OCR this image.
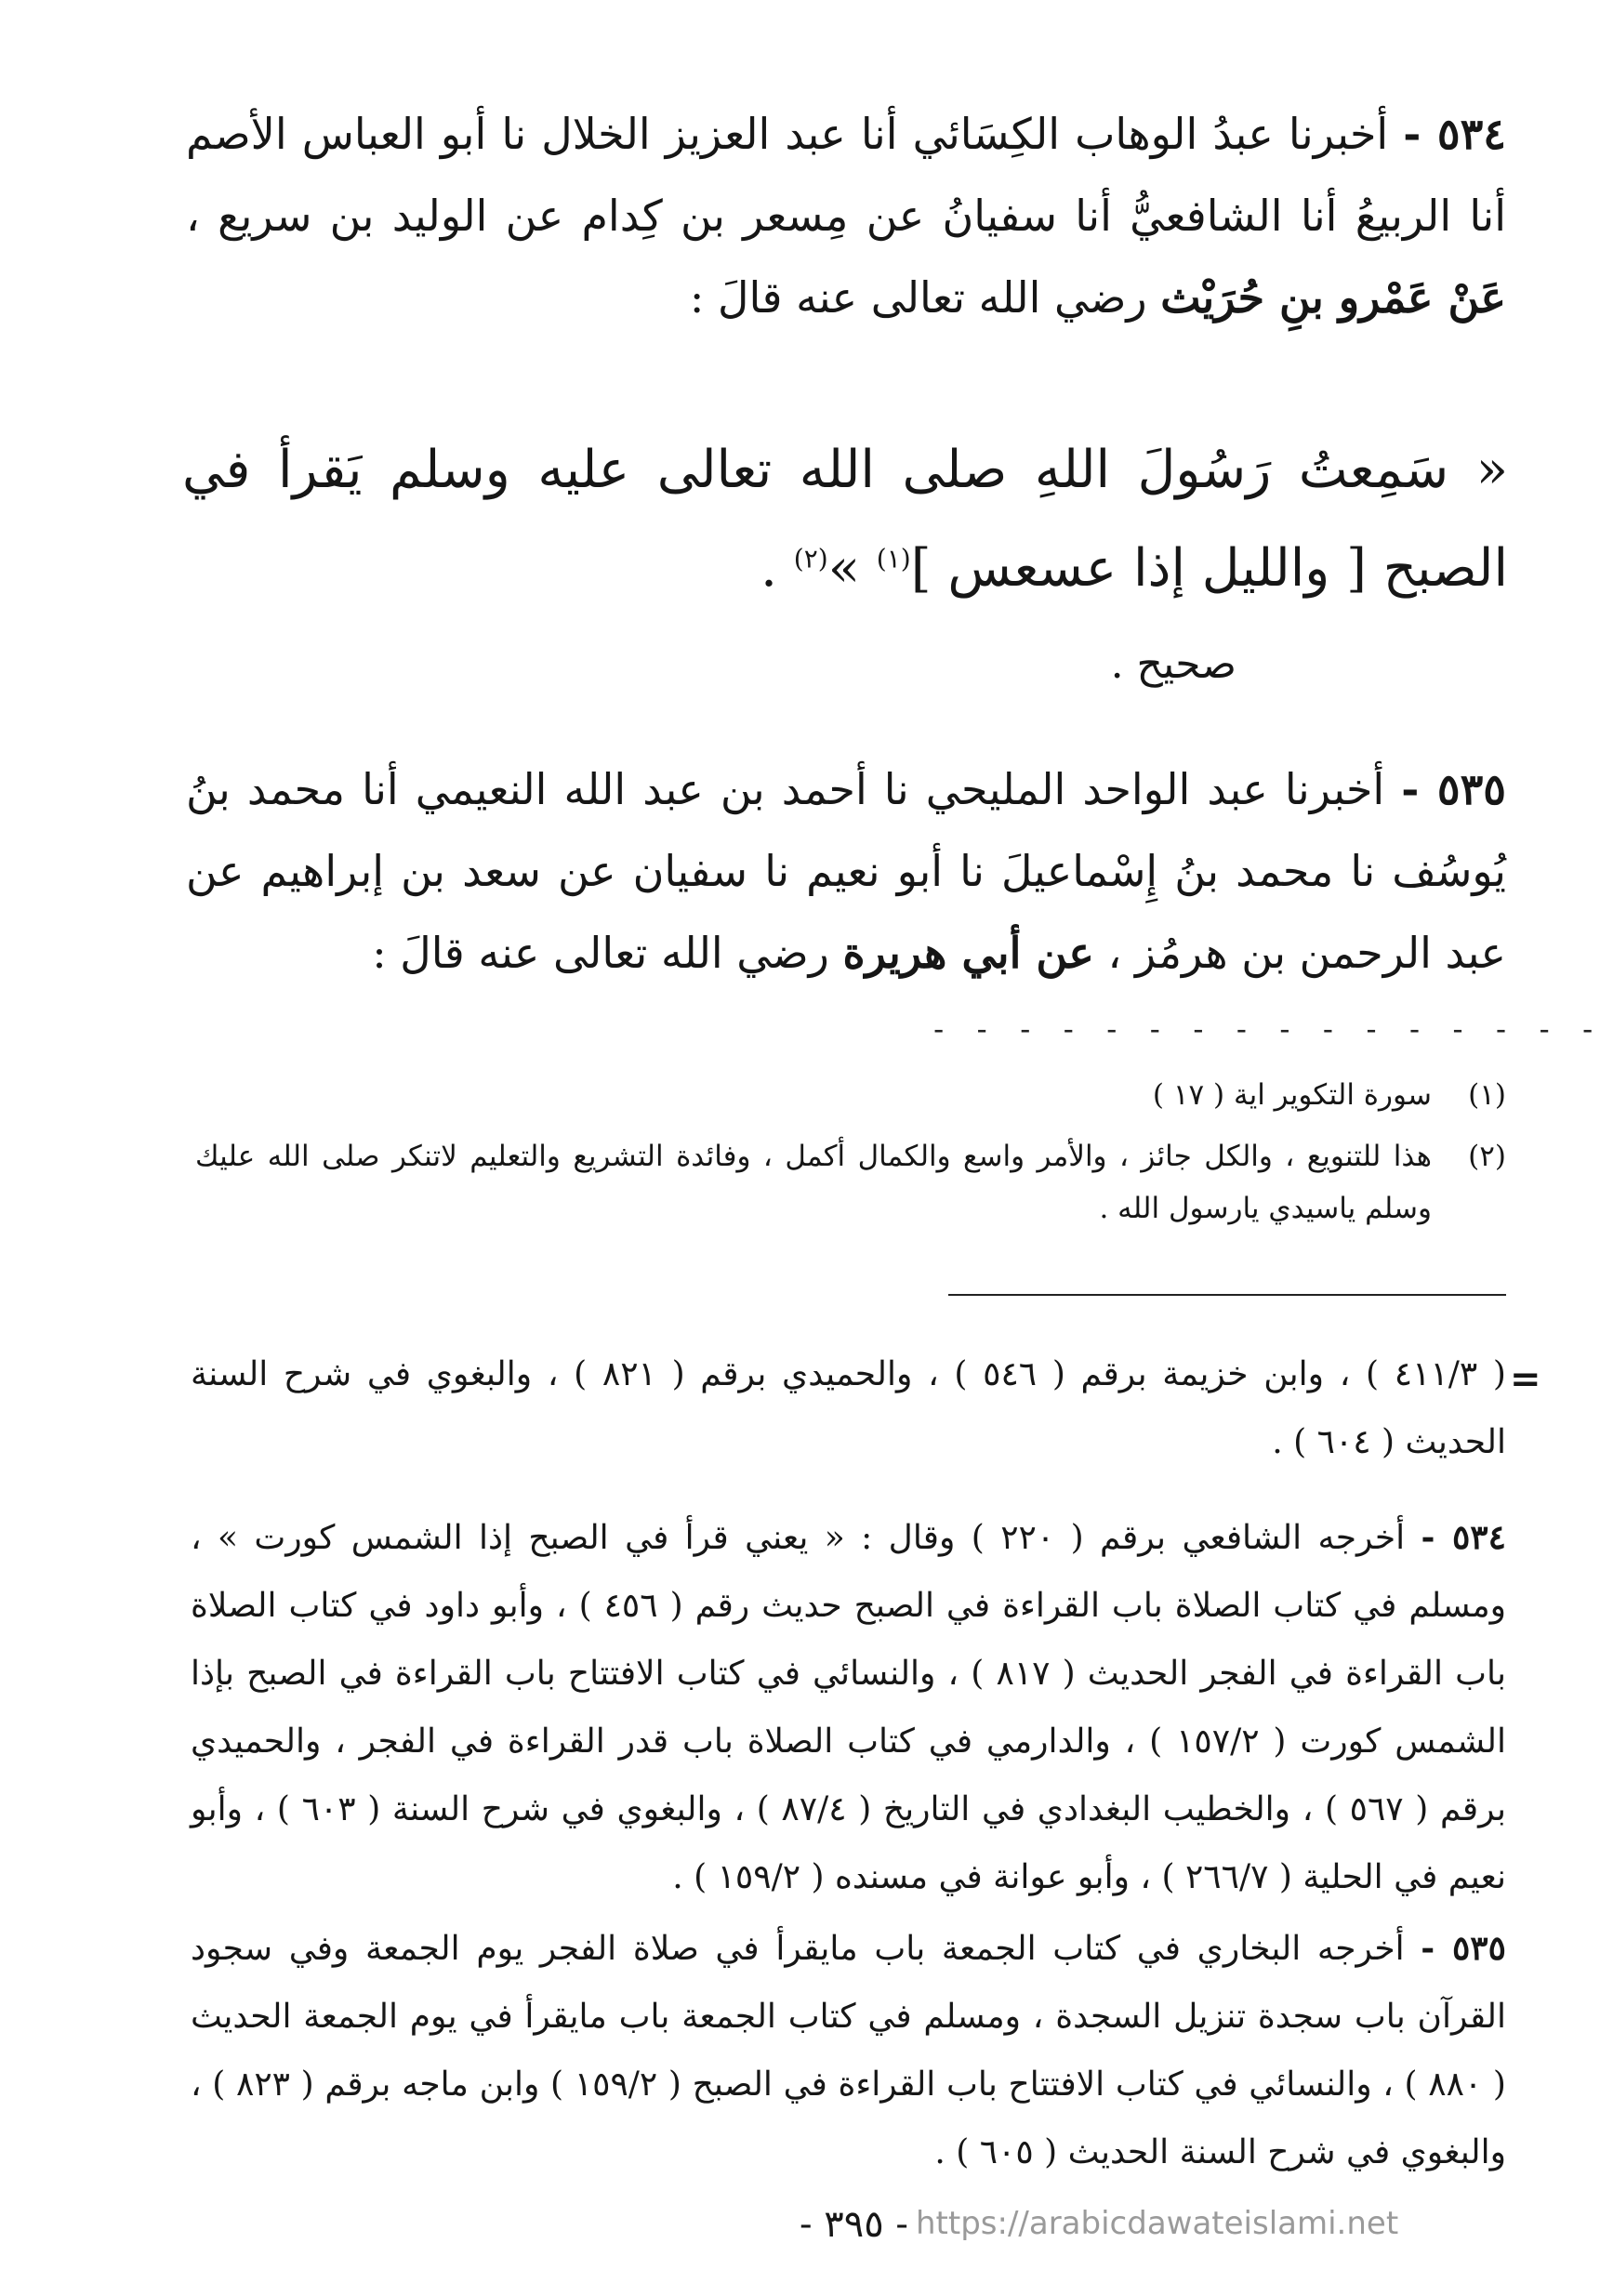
٥٣٤ - أخبرنا عبدُ الوهاب الكِسَائي أنا عبد العزيز الخلال نا أبو العباس الأصم أنا الربيعُ أنا الشافعيُّ أنا سفيانُ عن مِسعر بن كِدام عن الوليد بن سريع ، عَنْ عَمْرو بنِ حُرَيْث رضي الله تعالى عنه قالَ :
« سَمِعتُ رَسُولَ اللهِ صلى الله تعالى عليه وسلم يَقرأ في الصبح [ والليل إذا عسعس ]$^{(١)}$ »$^{(٢)}$ .
صحيح .
٥٣٥ - أخبرنا عبد الواحد المليحي نا أحمد بن عبد الله النعيمي أنا محمد بنُ يُوسُف نا محمد بنُ إِسْماعيلَ نا أبو نعيم نا سفيان عن سعد بن إبراهيم عن عبد الرحمن بن هرمُز ، عن أبي هريرة رضي الله تعالى عنه قالَ :
- - - - - - - - - - - - - - - -
(١)
سورة التكوير اية ( ١٧ )
(٢)
هذا للتنويع ، والكل جائز ، والأمر واسع والكمال أكمل ، وفائدة التشريع والتعليم لاتنكر صلى الله عليك وسلم ياسيدي يارسول الله .
=
( ٤١١/٣ ) ، وابن خزيمة برقم ( ٥٤٦ ) ، والحميدي برقم ( ٨٢١ ) ، والبغوي في شرح السنة الحديث ( ٦٠٤ ) .
٥٣٤ - أخرجه الشافعي برقم ( ٢٢٠ ) وقال : « يعني قرأ في الصبح إذا الشمس كورت » ، ومسلم في كتاب الصلاة باب القراءة في الصبح حديث رقم ( ٤٥٦ ) ، وأبو داود في كتاب الصلاة باب القراءة في الفجر الحديث ( ٨١٧ ) ، والنسائي في كتاب الافتتاح باب القراءة في الصبح بإذا الشمس كورت ( ١٥٧/٢ ) ، والدارمي في كتاب الصلاة باب قدر القراءة في الفجر ، والحميدي برقم ( ٥٦٧ ) ، والخطيب البغدادي في التاريخ ( ٨٧/٤ ) ، والبغوي في شرح السنة ( ٦٠٣ ) ، وأبو نعيم في الحلية ( ٢٦٦/٧ ) ، وأبو عوانة في مسنده ( ١٥٩/٢ ) .
٥٣٥ - أخرجه البخاري في كتاب الجمعة باب مايقرأ في صلاة الفجر يوم الجمعة وفي سجود القرآن باب سجدة تنزيل السجدة ، ومسلم في كتاب الجمعة باب مايقرأ في يوم الجمعة الحديث ( ٨٨٠ ) ، والنسائي في كتاب الافتتاح باب القراءة في الصبح ( ١٥٩/٢ ) وابن ماجه برقم ( ٨٢٣ ) ، والبغوي في شرح السنة الحديث ( ٦٠٥ ) .
- ٣٩٥ - https://arabicdawateislami.net
